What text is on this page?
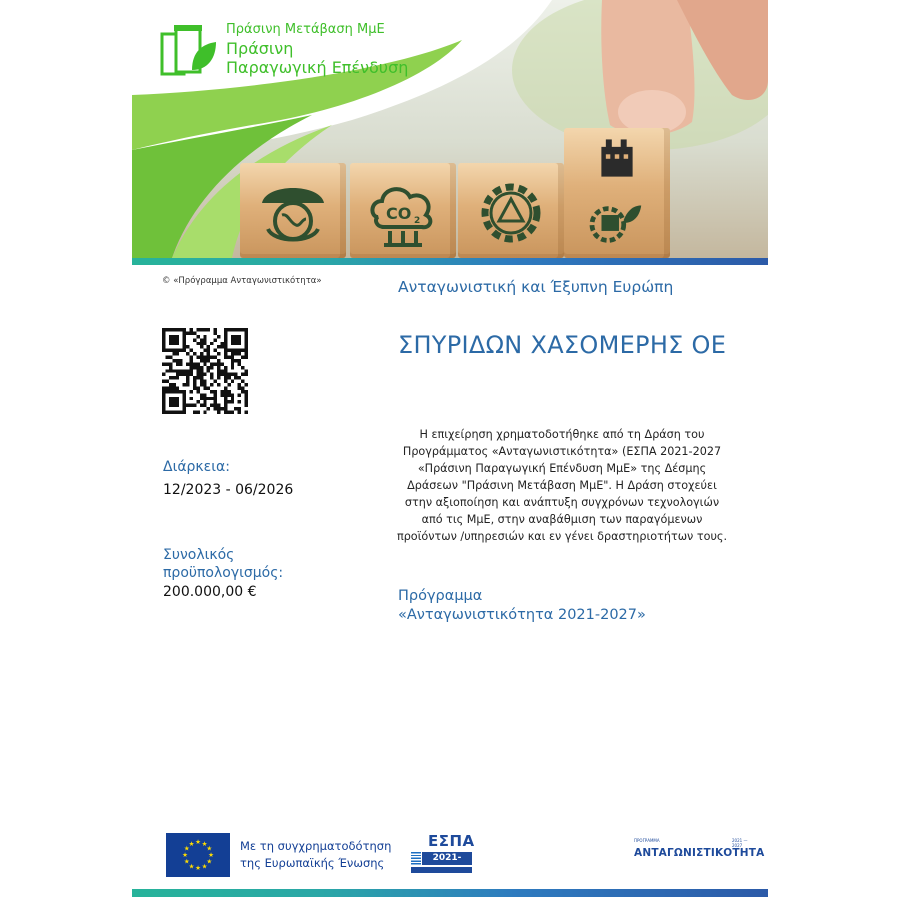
CO 2
Πράσινη Μετάβαση ΜμΕ
Πράσινη
Παραγωγική Επένδυση
© «Πρόγραμμα Ανταγωνιστικότητα»	Ανταγωνιστική και Έξυπνη Ευρώπη
Διάρκεια:
12/2023 - 06/2026
Συνολικός προϋπολογισμός:
200.000,00 €
ΣΠΥΡΙΔΩΝ ΧΑΣΟΜΕΡΗΣ ΟΕ
Η επιχείρηση χρηματοδοτήθηκε από τη Δράση του Προγράμματος «Ανταγωνιστικότητα» (ΕΣΠΑ 2021-2027 «Πράσινη Παραγωγική Επένδυση ΜμΕ» της Δέσμης Δράσεων "Πράσινη Μετάβαση ΜμΕ". Η Δράση στοχεύει στην αξιοποίηση και ανάπτυξη συγχρόνων τεχνολογιών από τις ΜμΕ, στην αναβάθμιση των παραγόμενων προϊόντων /υπηρεσιών και εν γένει δραστηριοτήτων τους.
Πρόγραμμα
«Ανταγωνιστικότητα 2021-2027»
★ ★
★
★
★
★
★
★
★
★
★
★	Με τη συγχρηματοδότηση
της Ευρωπαϊκής Ένωσης
ΕΣΠΑ
2021-
ΠΡΟΓΡΑΜΜΑ	2021 — 2027
ΑΝΤΑΓΩΝΙΣΤΙΚΟΤΗΤΑ
